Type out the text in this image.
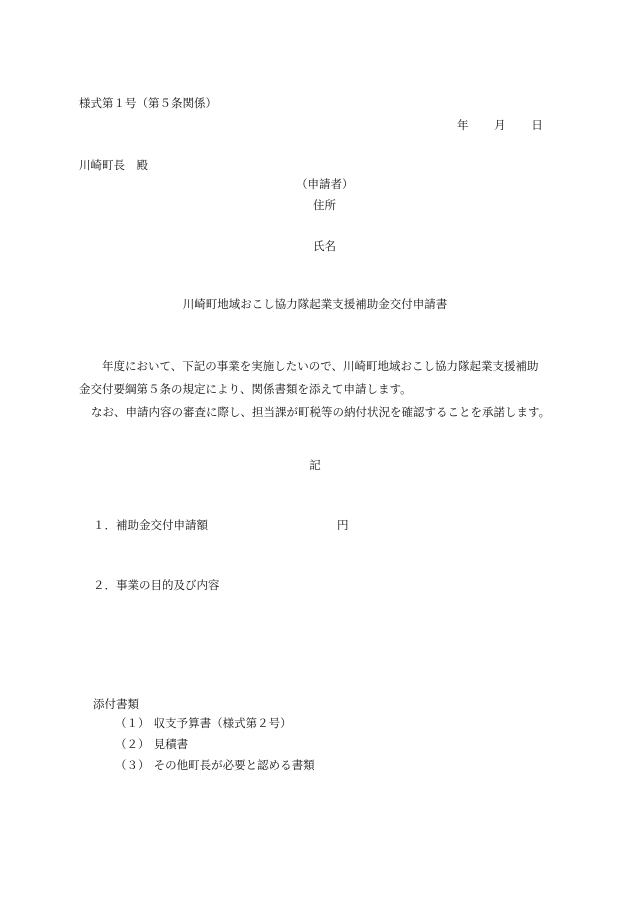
様式第１号（第５条関係）
年 月 日
川崎町長　殿
（申請者）
住所
氏名
川崎町地域おこし協力隊起業支援補助金交付申請書

年度において、下記の事業を実施したいので、川崎町地域おこし協力隊起業支援補助

金交付要綱第５条の規定により、関係書類を添えて申請します。

なお、申請内容の審査に際し、担当課が町税等の納付状況を確認することを承諾します。

記
１．補助金交付申請額	円
２．事業の目的及び内容
添付書類
（１） 収支予算書（様式第２号）
（２） 見積書
（３） その他町長が必要と認める書類
